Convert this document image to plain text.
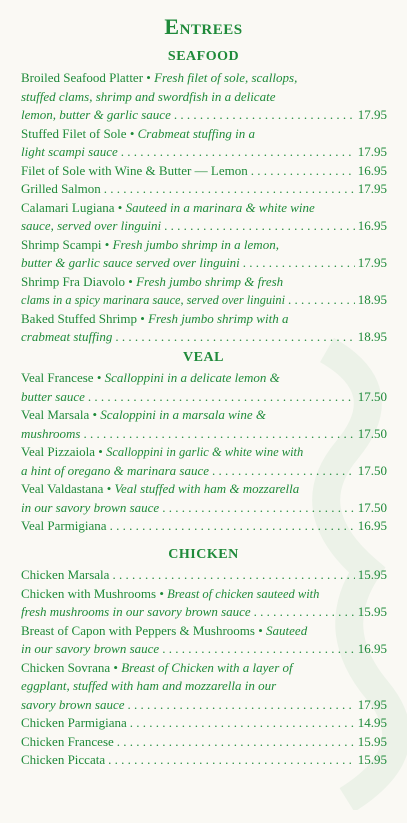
Entrees
SEAFOOD
Broiled Seafood Platter • Fresh filet of sole, scallops,
stuffed clams, shrimp and swordfish in a delicate
lemon, butter & garlic sauce . . .	17.95
Stuffed Filet of Sole • Crabmeat stuffing in a
light scampi sauce . . .	17.95
Filet of Sole with Wine & Butter — Lemon . . .	16.95
Grilled Salmon . . .	17.95
Calamari Lugiana • Sauteed in a marinara & white wine
sauce, served over linguini . . .	16.95
Shrimp Scampi • Fresh jumbo shrimp in a lemon,
butter & garlic sauce served over linguini . . .	17.95
Shrimp Fra Diavolo • Fresh jumbo shrimp & fresh
clams in a spicy marinara sauce, served over linguini . . .	18.95
Baked Stuffed Shrimp • Fresh jumbo shrimp with a
crabmeat stuffing . . .	18.95
VEAL
Veal Francese • Scalloppini in a delicate lemon &
butter sauce . . .	17.50
Veal Marsala • Scaloppini in a marsala wine &
mushrooms . . .	17.50
Veal Pizzaiola • Scalloppini in garlic & white wine with
a hint of oregano & marinara sauce . . .	17.50
Veal Valdastana • Veal stuffed with ham & mozzarella
in our savory brown sauce . . .	17.50
Veal Parmigiana . . .	16.95
CHICKEN
Chicken Marsala . . .	15.95
Chicken with Mushrooms • Breast of chicken sauteed with
fresh mushrooms in our savory brown sauce . . .	15.95
Breast of Capon with Peppers & Mushrooms • Sauteed
in our savory brown sauce . . .	16.95
Chicken Sovrana • Breast of Chicken with a layer of
eggplant, stuffed with ham and mozzarella in our
savory brown sauce . . .	17.95
Chicken Parmigiana . . .	14.95
Chicken Francese . . .	15.95
Chicken Piccata . . .	15.95
